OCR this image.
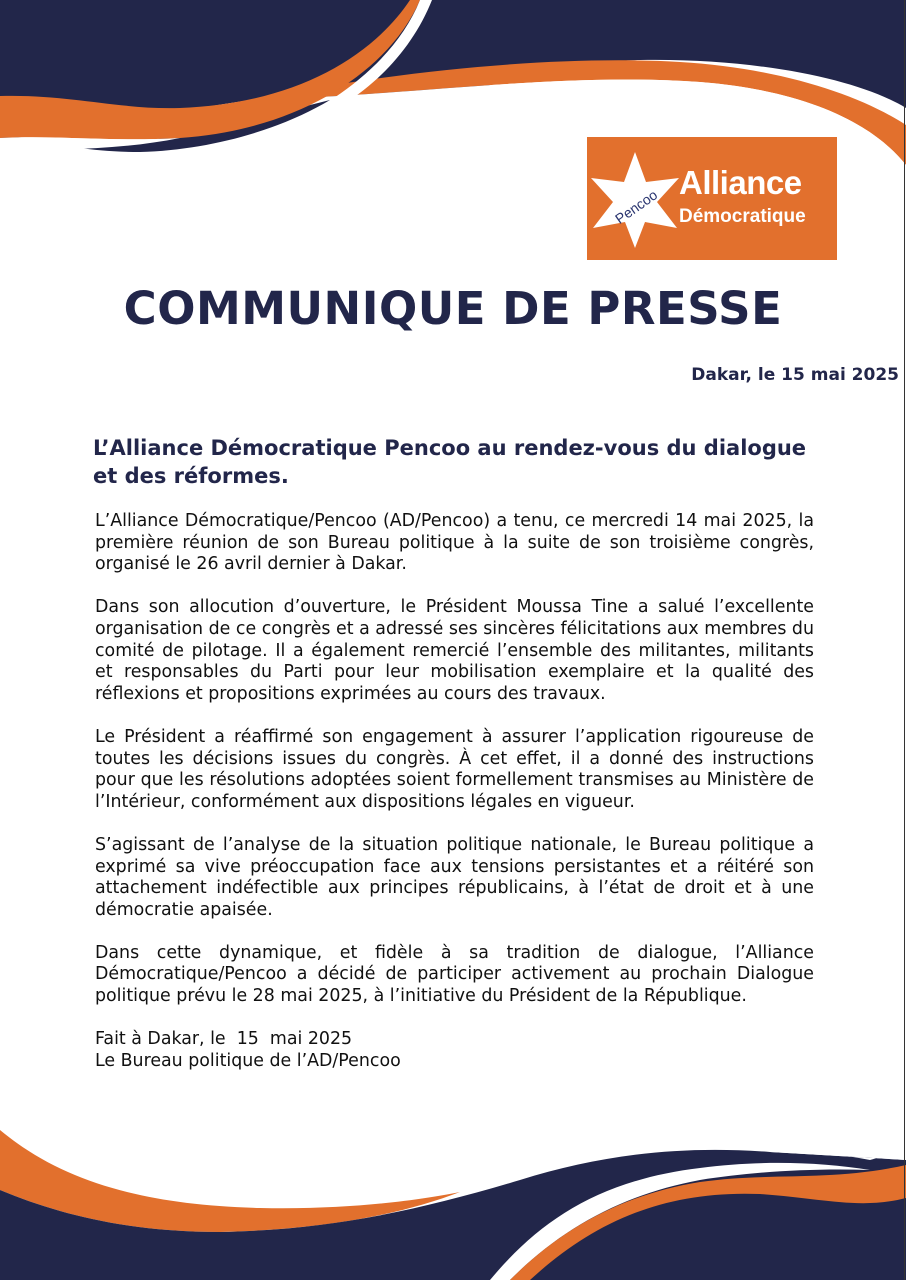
Pencoo
Alliance
Démocratique
COMMUNIQUE DE PRESSE
Dakar, le 15 mai 2025
L’Alliance Démocratique Pencoo au rendez-vous du dialogue et des réformes.

L’Alliance Démocratique/Pencoo (AD/Pencoo) a tenu, ce mercredi 14 mai 2025, la première réunion de son Bureau politique à la suite de son troisième congrès, organisé le 26 avril dernier à Dakar.

Dans son allocution d’ouverture, le Président Moussa Tine a salué l’excellente organisation de ce congrès et a adressé ses sincères félicitations aux membres du comité de pilotage. Il a également remercié l’ensemble des militantes, militants et responsables du Parti pour leur mobilisation exemplaire et la qualité des réflexions et propositions exprimées au cours des travaux.

Le Président a réaffirmé son engagement à assurer l’application rigoureuse de toutes les décisions issues du congrès. À cet effet, il a donné des instructions pour que les résolutions adoptées soient formellement transmises au Ministère de l’Intérieur, conformément aux dispositions légales en vigueur.

S’agissant de l’analyse de la situation politique nationale, le Bureau politique a exprimé sa vive préoccupation face aux tensions persistantes et a réitéré son attachement indéfectible aux principes républicains, à l’état de droit et à une démocratie apaisée.

Dans cette dynamique, et fidèle à sa tradition de dialogue, l’Alliance Démocratique/Pencoo a décidé de participer activement au prochain Dialogue politique prévu le 28 mai 2025, à l’initiative du Président de la République.

Fait à Dakar, le  15  mai 2025
Le Bureau politique de l’AD/Pencoo
